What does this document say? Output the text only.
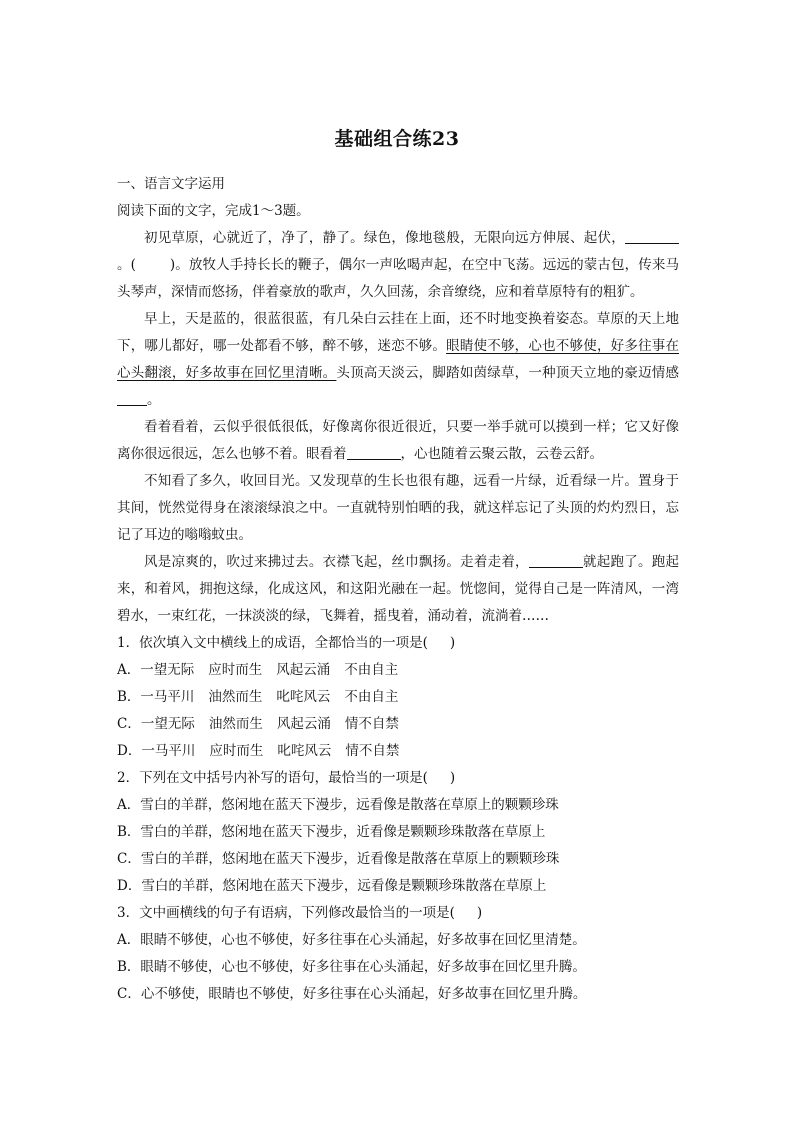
基础组合练23
一、语言文字运用
阅读下面的文字，完成1～3题。
初见草原，心就近了，净了，静了。绿色，像地毯般，无限向远方伸展、起伏，。(	)。放牧人手持长长的鞭子，偶尔一声吆喝声起，在空中飞荡。远远的蒙古包，传来马头琴声，深情而悠扬，伴着豪放的歌声，久久回荡，余音缭绕，应和着草原特有的粗犷。
早上，天是蓝的，很蓝很蓝，有几朵白云挂在上面，还不时地变换着姿态。草原的天上地下，哪儿都好，哪一处都看不够，醉不够，迷恋不够。眼睛使不够，心也不够使，好多往事在心头翻滚，好多故事在回忆里清晰。头顶高天淡云，脚踏如茵绿草，一种顶天立地的豪迈情感。
看着看着，云似乎很低很低，好像离你很近很近，只要一举手就可以摸到一样；它又好像离你很远很远，怎么也够不着。眼看着	，心也随着云聚云散，云卷云舒。
不知看了多久，收回目光。又发现草的生长也很有趣，远看一片绿，近看绿一片。置身于其间，恍然觉得身在滚滚绿浪之中。一直就特别怕晒的我，就这样忘记了头顶的灼灼烈日，忘记了耳边的嗡嗡蚊虫。
风是凉爽的，吹过来拂过去。衣襟飞起，丝巾飘扬。走着走着，	就起跑了。跑起来，和着风，拥抱这绿，化成这风，和这阳光融在一起。恍惚间，觉得自己是一阵清风，一湾碧水，一束红花，一抹淡淡的绿，飞舞着，摇曳着，涌动着，流淌着……
1．依次填入文中横线上的成语，全都恰当的一项是( )
A．一望无际 应时而生 风起云涌 不由自主
B．一马平川 油然而生 叱咤风云 不由自主
C．一望无际 油然而生 风起云涌 情不自禁
D．一马平川 应时而生 叱咤风云 情不自禁
2．下列在文中括号内补写的语句，最恰当的一项是( )
A．雪白的羊群，悠闲地在蓝天下漫步，远看像是散落在草原上的颗颗珍珠
B．雪白的羊群，悠闲地在蓝天下漫步，近看像是颗颗珍珠散落在草原上
C．雪白的羊群，悠闲地在蓝天下漫步，近看像是散落在草原上的颗颗珍珠
D．雪白的羊群，悠闲地在蓝天下漫步，远看像是颗颗珍珠散落在草原上
3．文中画横线的句子有语病，下列修改最恰当的一项是( )
A．眼睛不够使，心也不够使，好多往事在心头涌起，好多故事在回忆里清楚。
B．眼睛不够使，心也不够使，好多往事在心头涌起，好多故事在回忆里升腾。
C．心不够使，眼睛也不够使，好多往事在心头涌起，好多故事在回忆里升腾。
